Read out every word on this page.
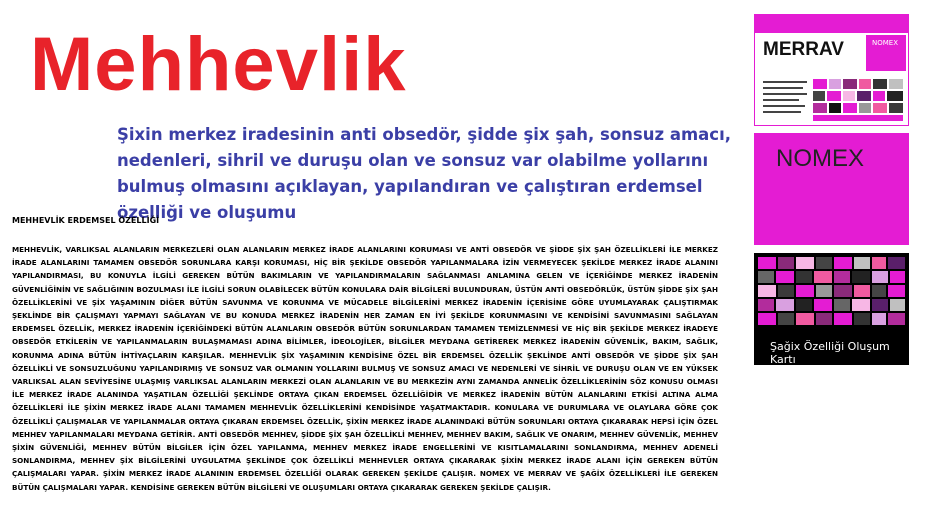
Mehhevlik
Şixin merkez iradesinin anti obsedör, şidde şix şah, sonsuz amacı, nedenleri, sihril ve duruşu olan ve sonsuz var olabilme yollarını bulmuş olmasını açıklayan, yapılandıran ve çalıştıran erdemsel özelliği ve oluşumu
MEHHEVLİK ERDEMSEL ÖZELLİĞİ
MEHHEVLİK, VARLIKSAL ALANLARIN MERKEZLERİ OLAN ALANLARIN MERKEZ İRADE ALANLARINI KORUMASI VE ANTİ OBSEDÖR VE ŞİDDE ŞİX ŞAH ÖZELLİKLERİ İLE MERKEZ İRADE ALANLARINI TAMAMEN OBSEDÖR SORUNLARA KARŞI KORUMASI, HİÇ BİR ŞEKİLDE OBSEDÖR YAPILANMALARA İZİN VERMEYECEK ŞEKİLDE MERKEZ İRADE ALANINI YAPILANDIRMASI, BU KONUYLA İLGİLİ GEREKEN BÜTÜN BAKIMLARIN VE YAPILANDIRMALARIN SAĞLANMASI ANLAMINA GELEN VE İÇERİĞİNDE MERKEZ İRADENİN GÜVENLİĞİNİN VE SAĞLIĞININ BOZULMASI İLE İLGİLİ SORUN OLABİLECEK BÜTÜN KONULARA DAİR BİLGİLERİ BULUNDURAN, ÜSTÜN ANTİ OBSEDÖRLÜK, ÜSTÜN ŞİDDE ŞİX ŞAH ÖZELLİKLERİNİ VE ŞİX YAŞAMININ DİĞER BÜTÜN SAVUNMA VE KORUNMA VE MÜCADELE BİLGİLERİNİ MERKEZ İRADENİN İÇERİSİNE GÖRE UYUMLAYARAK ÇALIŞTIRMAK ŞEKLİNDE BİR ÇALIŞMAYI YAPMAYI SAĞLAYAN VE BU KONUDA MERKEZ İRADENİN HER ZAMAN EN İYİ ŞEKİLDE KORUNMASINI VE KENDİSİNİ SAVUNMASINI SAĞLAYAN ERDEMSEL ÖZELLİK, MERKEZ İRADENİN İÇERİĞİNDEKİ BÜTÜN ALANLARIN OBSEDÖR BÜTÜN SORUNLARDAN TAMAMEN TEMİZLENMESİ VE HİÇ BİR ŞEKİLDE MERKEZ İRADEYE OBSEDÖR ETKİLERİN VE YAPILANMALARIN BULAŞMAMASI ADINA BİLİMLER, İDEOLOJİLER, BİLGİLER MEYDANA GETİREREK MERKEZ İRADENİN GÜVENLİK, BAKIM, SAĞLIK, KORUNMA ADINA BÜTÜN İHTİYAÇLARIN KARŞILAR. MEHHEVLİK ŞİX YAŞAMININ KENDİSİNE ÖZEL BİR ERDEMSEL ÖZELLİK ŞEKLİNDE ANTİ OBSEDÖR VE ŞİDDE ŞİX ŞAH ÖZELLİKLİ VE SONSUZLUĞUNU YAPILANDIRMIŞ VE SONSUZ VAR OLMANIN YOLLARINI BULMUŞ VE SONSUZ AMACI VE NEDENLERİ VE SİHRİL VE DURUŞU OLAN VE EN YÜKSEK VARLIKSAL ALAN SEVİYESİNE ULAŞMIŞ VARLIKSAL ALANLARIN MERKEZİ OLAN ALANLARIN VE BU MERKEZİN AYNI ZAMANDA ANNELİK ÖZELLİKLERİNİN SÖZ KONUSU OLMASI İLE MERKEZ İRADE ALANINDA YAŞATILAN ÖZELLİĞİ ŞEKLİNDE ORTAYA ÇIKAN ERDEMSEL ÖZELLİĞİDİR VE MERKEZ İRADENİN BÜTÜN ALANLARINI ETKİSİ ALTINA ALMA ÖZELLİKLERİ İLE ŞİXİN MERKEZ İRADE ALANI TAMAMEN MEHHEVLİK ÖZELLİKLERİNİ KENDİSİNDE YAŞATMAKTADIR. KONULARA VE DURUMLARA VE OLAYLARA GÖRE ÇOK ÖZELLİKLİ ÇALIŞMALAR VE YAPILANMALAR ORTAYA ÇIKARAN ERDEMSEL ÖZELLİK, ŞİXİN MERKEZ İRADE ALANINDAKİ BÜTÜN SORUNLARI ORTAYA ÇIKARARAK HEPSİ İÇİN ÖZEL MEHHEV YAPILANMALARI MEYDANA GETİRİR. ANTİ OBSEDÖR MEHHEV, ŞİDDE ŞİX ŞAH ÖZELLİKLİ MEHHEV, MEHHEV BAKIM, SAĞLIK VE ONARIM, MEHHEV GÜVENLİK, MEHHEV ŞİXİN GÜVENLİĞİ, MEHHEV BÜTÜN BİLGİLER İÇİN ÖZEL YAPILANMA, MEHHEV MERKEZ İRADE ENGELLERİNİ VE KISITLAMALARINI SONLANDIRMA, MEHHEV ADENELİ SONLANDIRMA, MEHHEV ŞİX BİLGİLERİNİ UYGULATMA ŞEKLİNDE ÇOK ÖZELLİKLİ MEHHEVLER ORTAYA ÇIKARARAK ŞİXİN MERKEZ İRADE ALANI İÇİN GEREKEN BÜTÜN ÇALIŞMALARI YAPAR. ŞİXİN MERKEZ İRADE ALANININ ERDEMSEL ÖZELLİĞİ OLARAK GEREKEN ŞEKİLDE ÇALIŞIR. NOMEX VE MERRAV VE ŞAĞİX ÖZELLİKLERİ İLE GEREKEN BÜTÜN ÇALIŞMALARI YAPAR. KENDİSİNE GEREKEN BÜTÜN BİLGİLERİ VE OLUŞUMLARI ORTAYA ÇIKARARAK GEREKEN ŞEKİLDE ÇALIŞIR.
MERRAV	NOMEX
NOMEX
Şağix Özelliği Oluşum Kartı
